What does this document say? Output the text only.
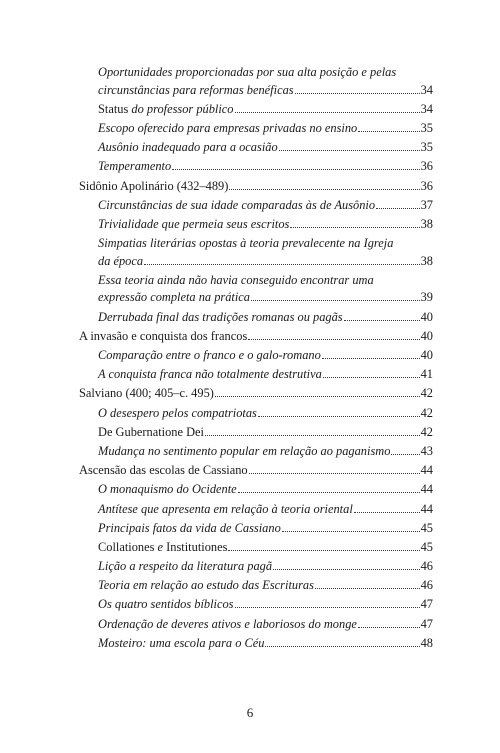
Oportunidades proporcionadas por sua alta posição e pelas
circunstâncias para reformas benéficas	34
Status do professor público	34
Escopo oferecido para empresas privadas no ensino	35
Ausônio inadequado para a ocasião	35
Temperamento	36
Sidônio Apolinário (432–489)	36
Circunstâncias de sua idade comparadas às de Ausônio	37
Trivialidade que permeia seus escritos	38
Simpatias literárias opostas à teoria prevalecente na Igreja
da época	38
Essa teoria ainda não havia conseguido encontrar uma
expressão completa na prática	39
Derrubada final das tradições romanas ou pagãs	40
A invasão e conquista dos francos	40
Comparação entre o franco e o galo-romano	40
A conquista franca não totalmente destrutiva	41
Salviano (400; 405–c. 495)	42
O desespero pelos compatriotas	42
De Gubernatione Dei	42
Mudança no sentimento popular em relação ao paganismo 43
Ascensão das escolas de Cassiano	44
O monaquismo do Ocidente	44
Antítese que apresenta em relação à teoria oriental	44
Principais fatos da vida de Cassiano	45
Collationes e Institutiones	45
Lição a respeito da literatura pagã	46
Teoria em relação ao estudo das Escrituras	46
Os quatro sentidos bíblicos	47
Ordenação de deveres ativos e laboriosos do monge	47
Mosteiro: uma escola para o Céu	48
6
